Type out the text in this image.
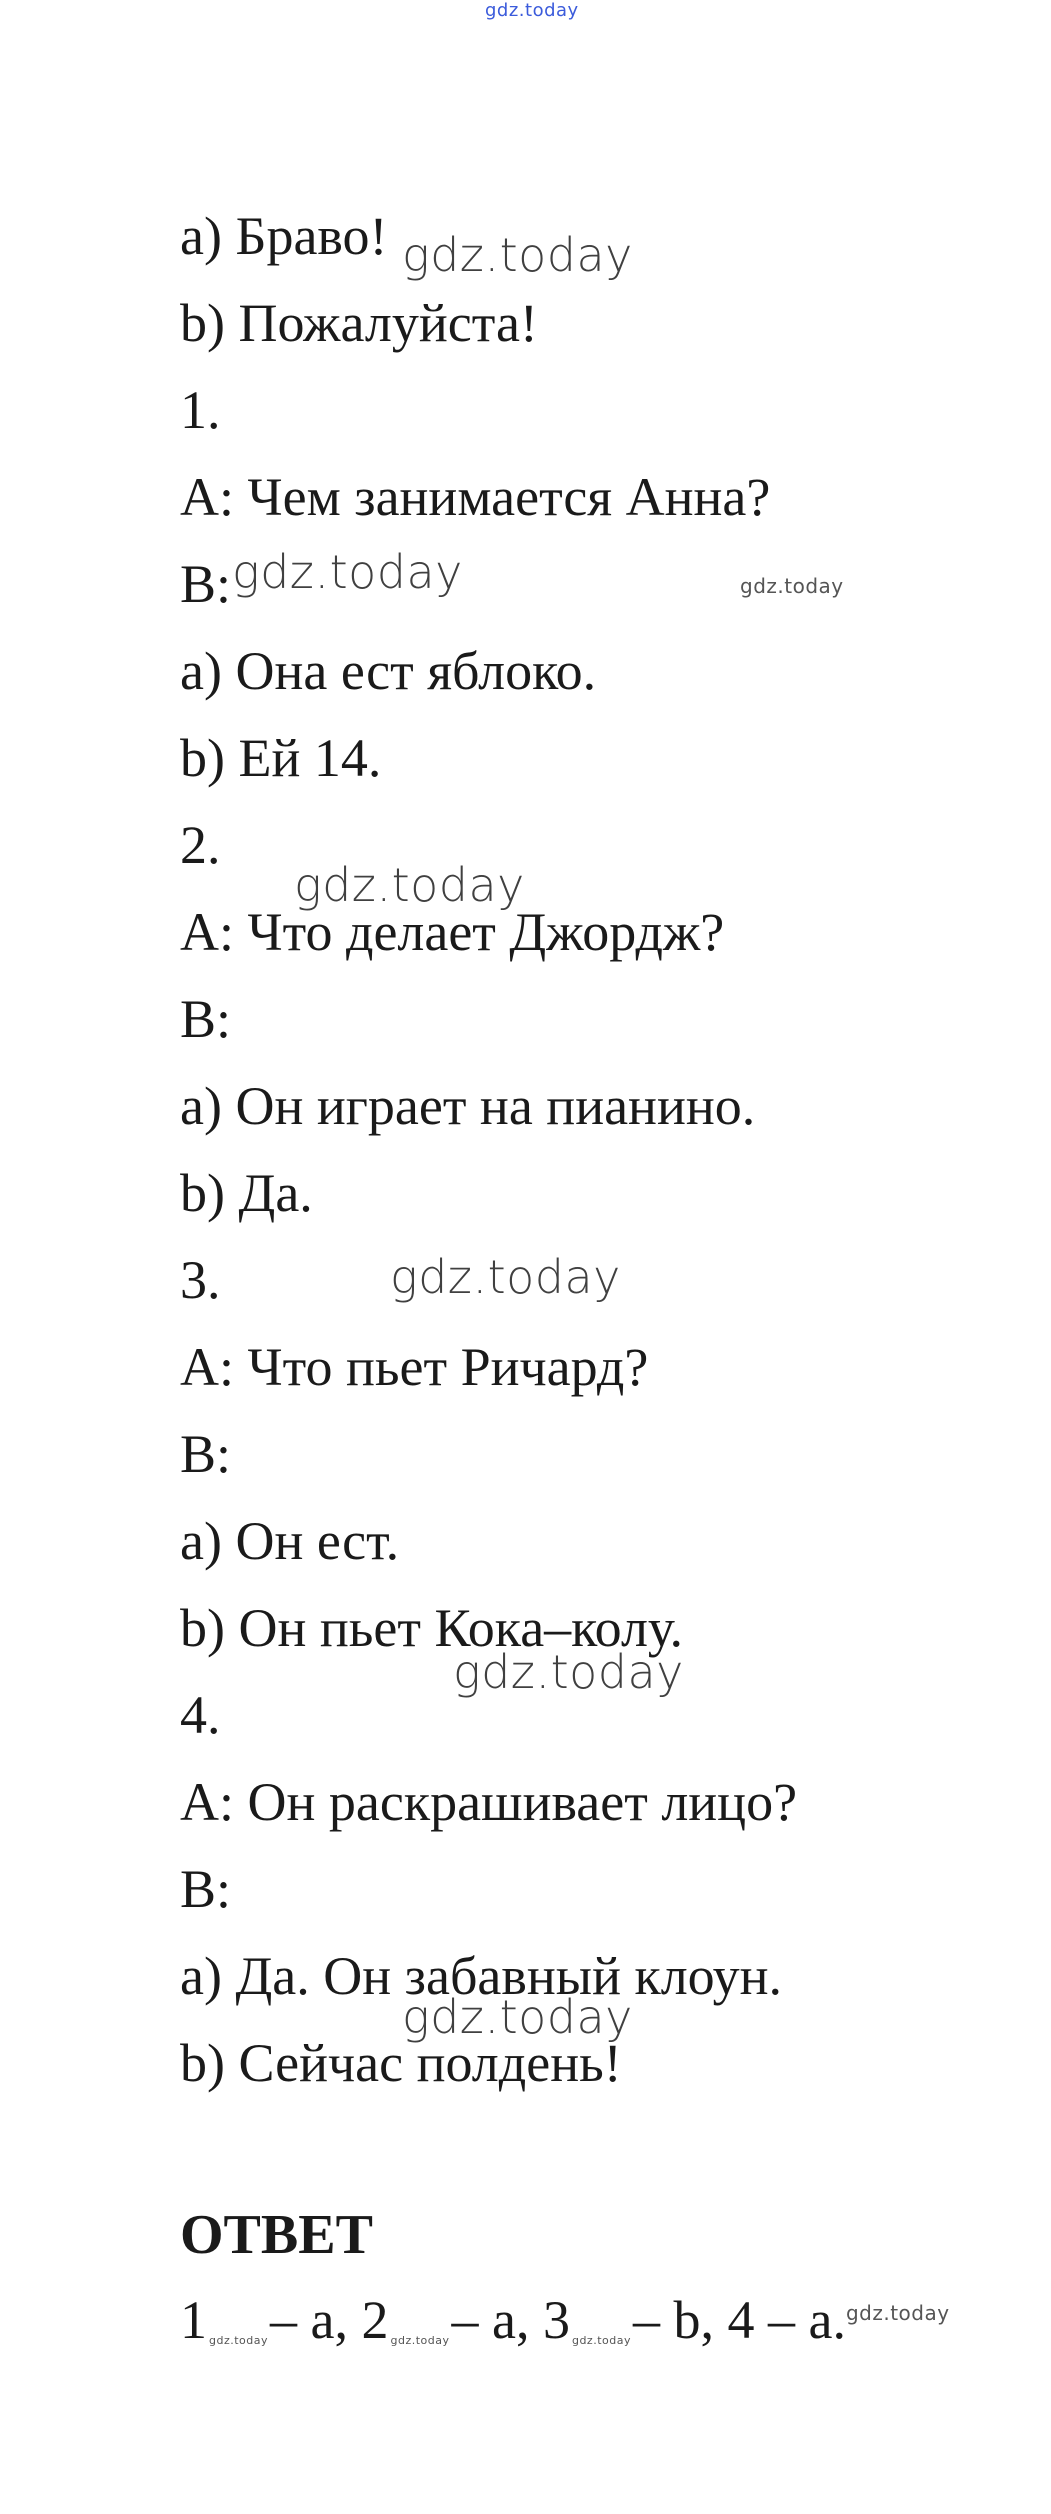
gdz.today
a) Браво!
b) Пожалуйста!
1.
A: Чем занимается Анна?
B:
a) Она ест яблоко.
b) Ей 14.
2.
A: Что делает Джордж?
B:
a) Он играет на пианино.
b) Да.
3.
A: Что пьет Ричард?
B:
a) Он ест.
b) Он пьет Кока–колу.
4.
A: Он раскрашивает лицо?
B:
a) Да. Он забавный клоун.
b) Сейчас полдень!
ОТВЕТ
1 gdz.today– a, 2 gdz.today– a, 3 gdz.today– b, 4 – a.$^{gdz.today}$
gdz.today
gdz.today	gdz.today
gdz.today
gdz.today
gdz.today
gdz.today
